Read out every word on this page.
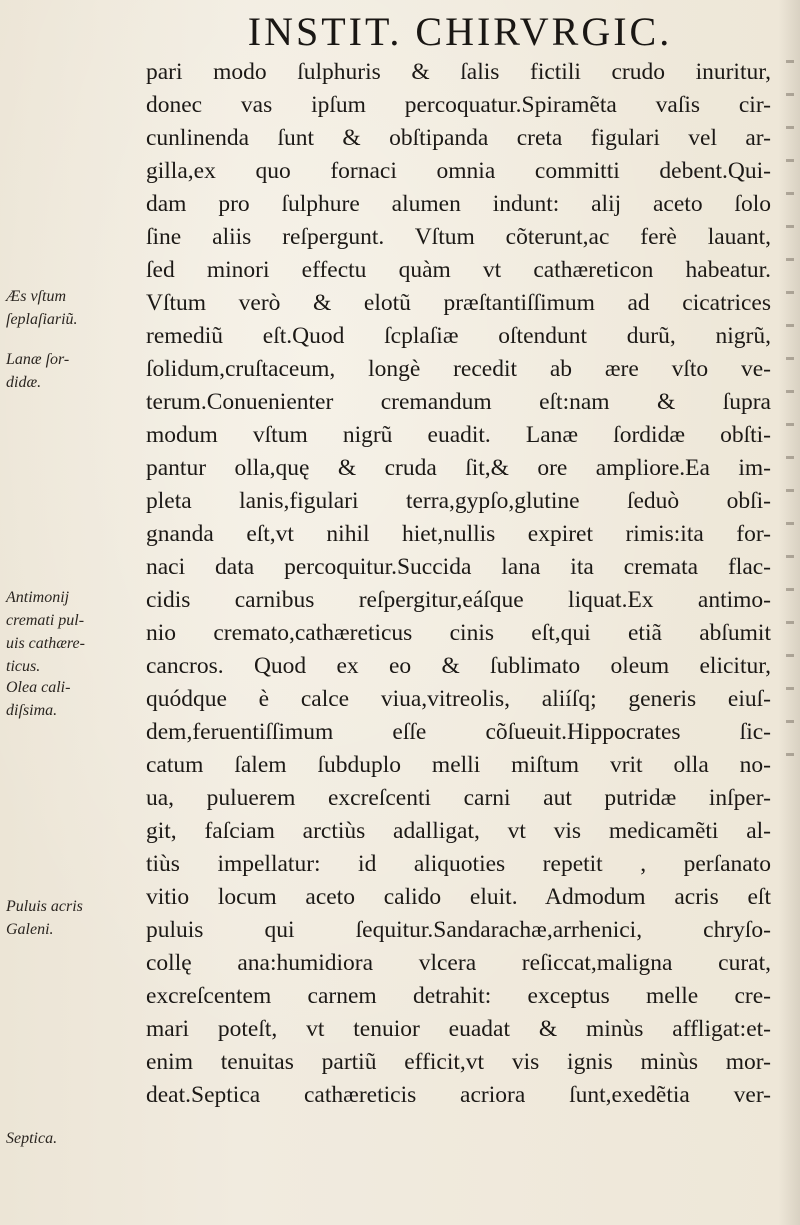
INSTIT. CHIRVRGIC.
Æs vſtum
ſeplaſiariũ.
Lanæ ſor-
didæ.
Antimonij
cremati pul-
uis cathære-
ticus.
Olea cali-
diſsima.
Puluis acris
Galeni.
Septica.
pari modo ſulphuris & ſalis fictili crudo inuritur,
donec vas ipſum percoquatur.Spiramẽta vaſis cir-
cunlinenda ſunt & obſtipanda creta figulari vel ar-
gilla,ex quo fornaci omnia committi debent.Qui-
dam pro ſulphure alumen indunt: alij aceto ſolo
ſine aliis reſpergunt. Vſtum cõterunt,ac ferè lauant,
ſed minori effectu quàm vt cathæreticon habeatur.
Vſtum verò & elotũ præſtantiſſimum ad cicatrices
remediũ eſt.Quod ſcplaſiæ oſtendunt durũ, nigrũ,
ſolidum,cruſtaceum, longè recedit ab ære vſto ve-
terum.Conuenienter cremandum eſt:nam & ſupra
modum vſtum nigrũ euadit. Lanæ ſordidæ obſti-
pantur olla,quę & cruda ſit,& ore ampliore.Ea im-
pleta lanis,figulari terra,gypſo,glutine ſeduò obſi-
gnanda eſt,vt nihil hiet,nullis expiret rimis:ita for-
naci data percoquitur.Succida lana ita cremata flac-
cidis carnibus reſpergitur,eáſque liquat.Ex antimo-
nio cremato,cathæreticus cinis eſt,qui etiã abſumit
cancros. Quod ex eo & ſublimato oleum elicitur,
quódque è calce viua,vitreolis, aliíſq; generis eiuſ-
dem,feruentiſſimum eſſe cõſueuit.Hippocrates ſic-
catum ſalem ſubduplo melli miſtum vrit olla no-
ua, puluerem excreſcenti carni aut putridæ inſper-
git, faſciam arctiùs adalligat, vt vis medicamẽti al-
tiùs impellatur: id aliquoties repetit , perſanato
vitio locum aceto calido eluit. Admodum acris eſt
puluis qui ſequitur.Sandarachæ,arrhenici, chryſo-
collę ana:humidiora vlcera reſiccat,maligna curat,
excreſcentem carnem detrahit: exceptus melle cre-
mari poteſt, vt tenuior euadat & minùs affligat:et-
enim tenuitas partiũ efficit,vt vis ignis minùs mor-
deat.Septica cathæreticis acriora ſunt,exedẽtia ver-
